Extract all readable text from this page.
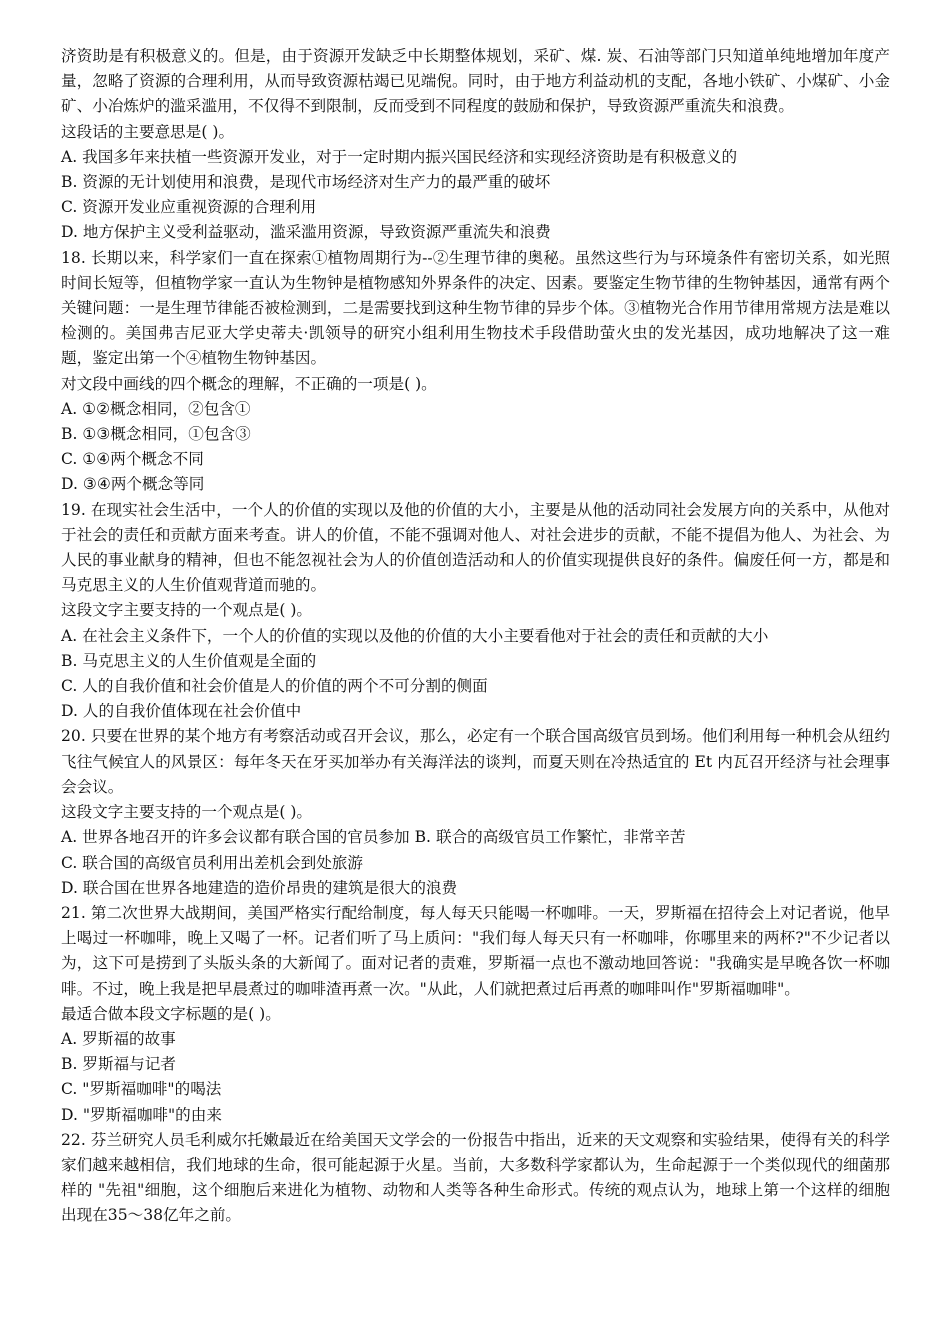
济资助是有积极意义的。但是，由于资源开发缺乏中长期整体规划，采矿、煤. 炭、石油等部门只知道单纯地增加年度产量，忽略了资源的合理利用，从而导致资源枯竭已见端倪。同时，由于地方利益动机的支配，各地小铁矿、小煤矿、小金矿、小冶炼炉的滥采滥用，不仅得不到限制，反而受到不同程度的鼓励和保护，导致资源严重流失和浪费。

这段话的主要意思是( )。

A. 我国多年来扶植一些资源开发业，对于一定时期内振兴国民经济和实现经济资助是有积极意义的

B. 资源的无计划使用和浪费，是现代市场经济对生产力的最严重的破坏

C. 资源开发业应重视资源的合理利用

D. 地方保护主义受利益驱动，滥采滥用资源，导致资源严重流失和浪费

18. 长期以来，科学家们一直在探索①植物周期行为--②生理节律的奥秘。虽然这些行为与环境条件有密切关系，如光照时间长短等，但植物学家一直认为生物钟是植物感知外界条件的决定、因素。要鉴定生物节律的生物钟基因，通常有两个关键问题：一是生理节律能否被检测到，二是需要找到这种生物节律的异步个体。③植物光合作用节律用常规方法是难以检测的。美国弗吉尼亚大学史蒂夫·凯领导的研究小组利用生物技术手段借助萤火虫的发光基因，成功地解决了这一难题，鉴定出第一个④植物生物钟基因。

对文段中画线的四个概念的理解，不正确的一项是( )。

A. ①②概念相同，②包含①

B. ①③概念相同，①包含③

C. ①④两个概念不同

D. ③④两个概念等同

19. 在现实社会生活中，一个人的价值的实现以及他的价值的大小，主要是从他的活动同社会发展方向的关系中，从他对于社会的责任和贡献方面来考查。讲人的价值，不能不强调对他人、对社会进步的贡献，不能不提倡为他人、为社会、为人民的事业献身的精神，但也不能忽视社会为人的价值创造活动和人的价值实现提供良好的条件。偏废任何一方，都是和马克思主义的人生价值观背道而驰的。

这段文字主要支持的一个观点是( )。

A. 在社会主义条件下，一个人的价值的实现以及他的价值的大小主要看他对于社会的责任和贡献的大小

B. 马克思主义的人生价值观是全面的

C. 人的自我价值和社会价值是人的价值的两个不可分割的侧面

D. 人的自我价值体现在社会价值中

20. 只要在世界的某个地方有考察活动或召开会议，那么，必定有一个联合国高级官员到场。他们利用每一种机会从纽约飞往气候宜人的风景区：每年冬天在牙买加举办有关海洋法的谈判，而夏天则在冷热适宜的 Et 内瓦召开经济与社会理事会会议。

这段文字主要支持的一个观点是( )。

A. 世界各地召开的许多会议都有联合国的官员参加 B. 联合的高级官员工作繁忙，非常辛苦

C. 联合国的高级官员利用出差机会到处旅游

D. 联合国在世界各地建造的造价昂贵的建筑是很大的浪费

21. 第二次世界大战期间，美国严格实行配给制度，每人每天只能喝一杯咖啡。一天，罗斯福在招待会上对记者说，他早上喝过一杯咖啡，晚上又喝了一杯。记者们听了马上质问："我们每人每天只有一杯咖啡，你哪里来的两杯?"不少记者以为，这下可是捞到了头版头条的大新闻了。面对记者的责难，罗斯福一点也不激动地回答说："我确实是早晚各饮一杯咖啡。不过，晚上我是把早晨煮过的咖啡渣再煮一次。"从此，人们就把煮过后再煮的咖啡叫作"罗斯福咖啡"。

最适合做本段文字标题的是( )。

A. 罗斯福的故事

B. 罗斯福与记者

C. "罗斯福咖啡"的喝法

D. "罗斯福咖啡"的由来

22. 芬兰研究人员毛利威尔托嫩最近在给美国天文学会的一份报告中指出，近来的天文观察和实验结果，使得有关的科学家们越来越相信，我们地球的生命，很可能起源于火星。当前，大多数科学家都认为，生命起源于一个类似现代的细菌那样的 "先祖"细胞，这个细胞后来进化为植物、动物和人类等各种生命形式。传统的观点认为，地球上第一个这样的细胞出现在35～38亿年之前。
